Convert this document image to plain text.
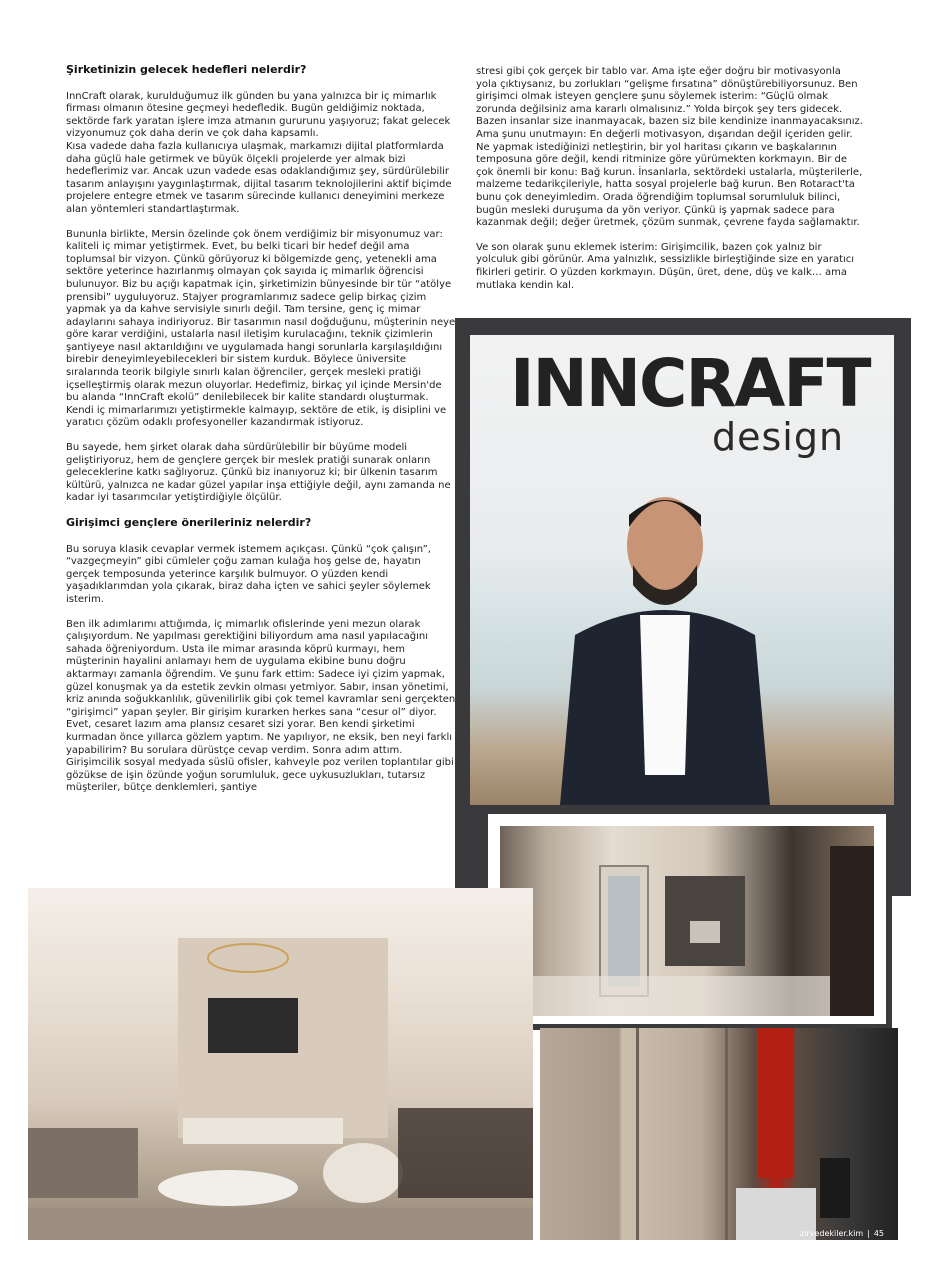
Şirketinizin gelecek hedefleri nelerdir?

InnCraft olarak, kurulduğumuz ilk günden bu yana yalnızca bir iç mimarlık firması olmanın ötesine geçmeyi hedefledik. Bugün geldiğimiz noktada, sektörde fark yaratan işlere imza atmanın gururunu yaşıyoruz; fakat gelecek vizyonumuz çok daha derin ve çok daha kapsamlı.

Kısa vadede daha fazla kullanıcıya ulaşmak, markamızı dijital platformlarda daha güçlü hale getirmek ve büyük ölçekli projelerde yer almak bizi hedeflerimiz var. Ancak uzun vadede esas odaklandığımız şey, sürdürülebilir tasarım anlayışını yaygınlaştırmak, dijital tasarım teknolojilerini aktif biçimde projelere entegre etmek ve tasarım sürecinde kullanıcı deneyimini merkeze alan yöntemleri standartlaştırmak.

Bununla birlikte, Mersin özelinde çok önem verdiğimiz bir misyonumuz var: kaliteli iç mimar yetiştirmek. Evet, bu belki ticari bir hedef değil ama toplumsal bir vizyon. Çünkü görüyoruz ki bölgemizde genç, yetenekli ama sektöre yeterince hazırlanmış olmayan çok sayıda iç mimarlık öğrencisi bulunuyor. Biz bu açığı kapatmak için, şirketimizin bünyesinde bir tür “atölye prensibi” uyguluyoruz. Stajyer programlarımız sadece gelip birkaç çizim yapmak ya da kahve servisiyle sınırlı değil. Tam tersine, genç iç mimar adaylarını sahaya indiriyoruz. Bir tasarımın nasıl doğduğunu, müşterinin neye göre karar verdiğini, ustalarla nasıl iletişim kurulacağını, teknik çizimlerin şantiyeye nasıl aktarıldığını ve uygulamada hangi sorunlarla karşılaşıldığını birebir deneyimleyebilecekleri bir sistem kurduk. Böylece üniversite sıralarında teorik bilgiyle sınırlı kalan öğrenciler, gerçek mesleki pratiği içselleştirmiş olarak mezun oluyorlar. Hedefimiz, birkaç yıl içinde Mersin'de bu alanda “InnCraft ekolü” denilebilecek bir kalite standardı oluşturmak. Kendi iç mimarlarımızı yetiştirmekle kalmayıp, sektöre de etik, iş disiplini ve yaratıcı çözüm odaklı profesyoneller kazandırmak istiyoruz.

Bu sayede, hem şirket olarak daha sürdürülebilir bir büyüme modeli geliştiriyoruz, hem de gençlere gerçek bir meslek pratiği sunarak onların geleceklerine katkı sağlıyoruz. Çünkü biz inanıyoruz ki; bir ülkenin tasarım kültürü, yalnızca ne kadar güzel yapılar inşa ettiğiyle değil, aynı zamanda ne kadar iyi tasarımcılar yetiştirdiğiyle ölçülür.

Girişimci gençlere önerileriniz nelerdir?

Bu soruya klasik cevaplar vermek istemem açıkçası. Çünkü “çok çalışın”, “vazgeçmeyin” gibi cümleler çoğu zaman kulağa hoş gelse de, hayatın gerçek temposunda yeterince karşılık bulmuyor. O yüzden kendi yaşadıklarımdan yola çıkarak, biraz daha içten ve sahici şeyler söylemek isterim.

Ben ilk adımlarımı attığımda, iç mimarlık ofislerinde yeni mezun olarak çalışıyordum. Ne yapılması gerektiğini biliyordum ama nasıl yapılacağını sahada öğreniyordum. Usta ile mimar arasında köprü kurmayı, hem müşterinin hayalini anlamayı hem de uygulama ekibine bunu doğru aktarmayı zamanla öğrendim. Ve şunu fark ettim: Sadece iyi çizim yapmak, güzel konuşmak ya da estetik zevkin olması yetmiyor. Sabır, insan yönetimi, kriz anında soğukkanlılık, güvenilirlik gibi çok temel kavramlar seni gerçekten “girişimci” yapan şeyler. Bir girişim kurarken herkes sana “cesur ol” diyor. Evet, cesaret lazım ama plansız cesaret sizi yorar. Ben kendi şirketimi kurmadan önce yıllarca gözlem yaptım. Ne yapılıyor, ne eksik, ben neyi farklı yapabilirim? Bu sorulara dürüstçe cevap verdim. Sonra adım attım. Girişimcilik sosyal medyada süslü ofisler, kahveyle poz verilen toplantılar gibi gözükse de işin özünde yoğun sorumluluk, gece uykusuzlukları, tutarsız müşteriler, bütçe denklemleri, şantiye

stresi gibi çok gerçek bir tablo var. Ama işte eğer doğru bir motivasyonla yola çıktıysanız, bu zorlukları “gelişme fırsatına” dönüştürebiliyorsunuz. Ben girişimci olmak isteyen gençlere şunu söylemek isterim: “Güçlü olmak zorunda değilsiniz ama kararlı olmalısınız.” Yolda birçok şey ters gidecek. Bazen insanlar size inanmayacak, bazen siz bile kendinize inanmayacaksınız. Ama şunu unutmayın: En değerli motivasyon, dışarıdan değil içeriden gelir. Ne yapmak istediğinizi netleştirin, bir yol haritası çıkarın ve başkalarının temposuna göre değil, kendi ritminize göre yürümekten korkmayın. Bir de çok önemli bir konu: Bağ kurun. İnsanlarla, sektördeki ustalarla, müşterilerle, malzeme tedarikçileriyle, hatta sosyal projelerle bağ kurun. Ben Rotaract'ta bunu çok deneyimledim. Orada öğrendiğim toplumsal sorumluluk bilinci, bugün mesleki duruşuma da yön veriyor. Çünkü iş yapmak sadece para kazanmak değil; değer üretmek, çözüm sunmak, çevrene fayda sağlamaktır.

Ve son olarak şunu eklemek isterim: Girişimcilik, bazen çok yalnız bir yolculuk gibi görünür. Ama yalnızlık, sessizlikle birleştiğinde size en yaratıcı fikirleri getirir. O yüzden korkmayın. Düşün, üret, dene, düş ve kalk… ama mutlaka kendin kal.

INNCRAFT
design
zirvedekiler.kim | 45
